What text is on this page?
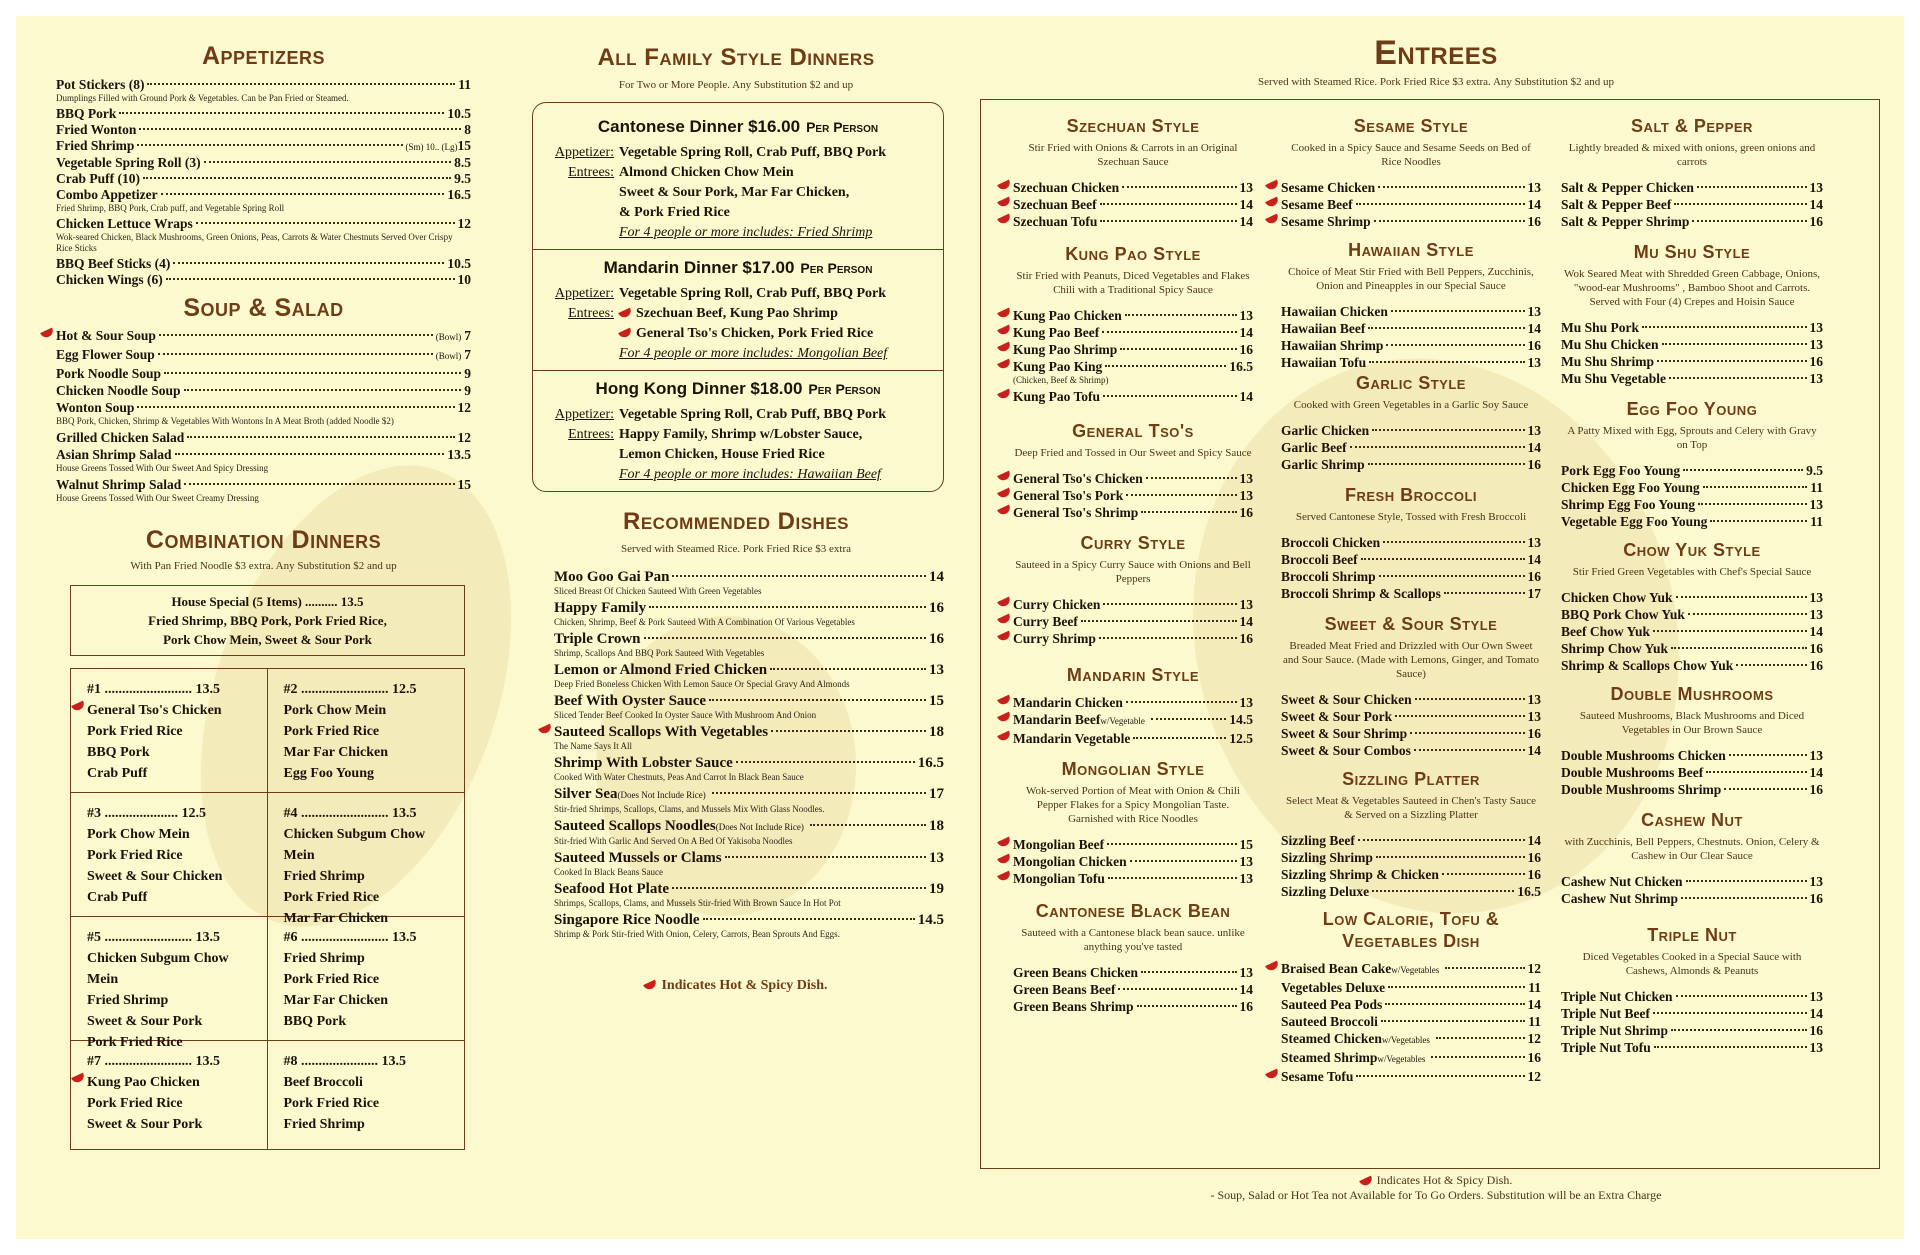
Appetizers
Pot Stickers (8)	11
Dumplings Filled with Ground Pork & Vegetables. Can be Pan Fried or Steamed.
BBQ Pork	10.5
Fried Wonton	8
Fried Shrimp	(Sm) 10.. (Lg) 15
Vegetable Spring Roll (3)	8.5
Crab Puff (10)	9.5
Combo Appetizer	16.5
Fried Shrimp, BBQ Pork, Crab puff, and Vegetable Spring Roll
Chicken Lettuce Wraps	12
Wok-seared Chicken, Black Mushrooms, Green Onions, Peas, Carrots & Water Chestnuts Served Over Crispy Rice Sticks
BBQ Beef Sticks (4)	10.5
Chicken Wings (6)	10
Soup & Salad
Hot & Sour Soup	(Bowl) 7
Egg Flower Soup	(Bowl) 7
Pork Noodle Soup	9
Chicken Noodle Soup	9
Wonton Soup	12
BBQ Pork, Chicken, Shrimp & Vegetables With Wontons In A Meat Broth (added Noodle $2)
Grilled Chicken Salad	12
Asian Shrimp Salad	13.5
House Greens Tossed With Our Sweet And Spicy Dressing
Walnut Shrimp Salad	15
House Greens Tossed With Our Sweet Creamy Dressing
Combination Dinners
With Pan Fried Noodle $3 extra. Any Substitution $2 and up
House Special (5 Items) .......... 13.5
Fried Shrimp, BBQ Pork, Pork Fried Rice,
Pork Chow Mein, Sweet & Sour Pork
#1 ......................... 13.5
General Tso's Chicken
Pork Fried Rice
BBQ Pork
Crab Puff
#2 ......................... 12.5
Pork Chow Mein
Pork Fried Rice
Mar Far Chicken
Egg Foo Young
#3 ..................... 12.5
Pork Chow Mein
Pork Fried Rice
Sweet & Sour Chicken
Crab Puff
#4 ......................... 13.5
Chicken Subgum Chow Mein
Fried Shrimp
Pork Fried Rice
Mar Far Chicken
#5 ......................... 13.5
Chicken Subgum Chow Mein
Fried Shrimp
Sweet & Sour Pork
Pork Fried Rice
#6 ......................... 13.5
Fried Shrimp
Pork Fried Rice
Mar Far Chicken
BBQ Pork
#7 ......................... 13.5
Kung Pao Chicken
Pork Fried Rice
Sweet & Sour Pork
#8 ...................... 13.5
Beef Broccoli
Pork Fried Rice
Fried Shrimp
All Family Style Dinners
For Two or More People. Any Substitution $2 and up
Cantonese Dinner $16.00 Per Person
Appetizer: Vegetable Spring Roll, Crab Puff, BBQ Pork
Entrees: Almond Chicken Chow Mein
Sweet & Sour Pork, Mar Far Chicken,
& Pork Fried Rice
For 4 people or more includes: Fried Shrimp
Mandarin Dinner $17.00 Per Person
Appetizer: Vegetable Spring Roll, Crab Puff, BBQ Pork
Entrees:	Szechuan Beef, Kung Pao Shrimp
General Tso's Chicken, Pork Fried Rice
For 4 people or more includes: Mongolian Beef
Hong Kong Dinner $18.00 Per Person
Appetizer: Vegetable Spring Roll, Crab Puff, BBQ Pork
Entrees: Happy Family, Shrimp w/Lobster Sauce,
Lemon Chicken, House Fried Rice
For 4 people or more includes: Hawaiian Beef
Recommended Dishes
Served with Steamed Rice. Pork Fried Rice $3 extra
Moo Goo Gai Pan	14
Sliced Breast Of Chicken Sauteed With Green Vegetables
Happy Family	16
Chicken, Shrimp, Beef & Pork Sauteed With A Combination Of Various Vegetables
Triple Crown	16
Shrimp, Scallops And BBQ Pork Sauteed With Vegetables
Lemon or Almond Fried Chicken	13
Deep Fried Boneless Chicken With Lemon Sauce Or Special Gravy And Almonds
Beef With Oyster Sauce	15
Sliced Tender Beef Cooked In Oyster Sauce With Mushroom And Onion
Sauteed Scallops With Vegetables	18
The Name Says It All
Shrimp With Lobster Sauce	16.5
Cooked With Water Chestnuts, Peas And Carrot In Black Bean Sauce
Silver Sea (Does Not Include Rice)	17
Stir-fried Shrimps, Scallops, Clams, and Mussels Mix With Glass Noodles.
Sauteed Scallops Noodles (Does Not Include Rice)	18
Stir-fried With Garlic And Served On A Bed Of Yakisoba Noodles
Sauteed Mussels or Clams	13
Cooked In Black Beans Sauce
Seafood Hot Plate	19
Shrimps, Scallops, Clams, and Mussels Stir-fried With Brown Sauce In Hot Pot
Singapore Rice Noodle	14.5
Shrimp & Pork Stir-fried With Onion, Celery, Carrots, Bean Sprouts And Eggs.
Indicates Hot & Spicy Dish.
Entrees
Served with Steamed Rice. Pork Fried Rice $3 extra. Any Substitution $2 and up
Szechuan Style
Stir Fried with Onions & Carrots in an Original Szechuan Sauce
Szechuan Chicken	13
Szechuan Beef	14
Szechuan Tofu	14
Kung Pao Style
Stir Fried with Peanuts, Diced Vegetables and Flakes Chili with a Traditional Spicy Sauce
Kung Pao Chicken	13
Kung Pao Beef	14
Kung Pao Shrimp	16
Kung Pao King	16.5
(Chicken, Beef & Shrimp)
Kung Pao Tofu	14
General Tso's
Deep Fried and Tossed in Our Sweet and Spicy Sauce
General Tso's Chicken	13
General Tso's Pork	13
General Tso's Shrimp	16
Curry Style
Sauteed in a Spicy Curry Sauce with Onions and Bell Peppers
Curry Chicken	13
Curry Beef	14
Curry Shrimp	16
Mandarin Style
Mandarin Chicken	13
Mandarin Beef w/Vegetable	14.5
Mandarin Vegetable	12.5
Mongolian Style
Wok-served Portion of Meat with Onion & Chili Pepper Flakes for a Spicy Mongolian Taste. Garnished with Rice Noodles
Mongolian Beef	15
Mongolian Chicken	13
Mongolian Tofu	13
Cantonese Black Bean
Sauteed with a Cantonese black bean sauce. unlike anything you've tasted
Green Beans Chicken	13
Green Beans Beef	14
Green Beans Shrimp	16
Sesame Style
Cooked in a Spicy Sauce and Sesame Seeds on Bed of Rice Noodles
Sesame Chicken	13
Sesame Beef	14
Sesame Shrimp	16
Hawaiian Style
Choice of Meat Stir Fried with Bell Peppers, Zucchinis, Onion and Pineapples in our Special Sauce
Hawaiian Chicken	13
Hawaiian Beef	14
Hawaiian Shrimp	16
Hawaiian Tofu	13
Garlic Style
Cooked with Green Vegetables in a Garlic Soy Sauce
Garlic Chicken	13
Garlic Beef	14
Garlic Shrimp	16
Fresh Broccoli
Served Cantonese Style, Tossed with Fresh Broccoli
Broccoli Chicken	13
Broccoli Beef	14
Broccoli Shrimp	16
Broccoli Shrimp & Scallops	17
Sweet & Sour Style
Breaded Meat Fried and Drizzled with Our Own Sweet and Sour Sauce. (Made with Lemons, Ginger, and Tomato Sauce)
Sweet & Sour Chicken	13
Sweet & Sour Pork	13
Sweet & Sour Shrimp	16
Sweet & Sour Combos	14
Sizzling Platter
Select Meat & Vegetables Sauteed in Chen's Tasty Sauce & Served on a Sizzling Platter
Sizzling Beef	14
Sizzling Shrimp	16
Sizzling Shrimp & Chicken	16
Sizzling Deluxe	16.5
Low Calorie, Tofu & Vegetables Dish
Braised Bean Cake w/Vegetables	12
Vegetables Deluxe	11
Sauteed Pea Pods	14
Sauteed Broccoli	11
Steamed Chicken w/Vegetables	12
Steamed Shrimp w/Vegetables	16
Sesame Tofu	12
Salt & Pepper
Lightly breaded & mixed with onions, green onions and carrots
Salt & Pepper Chicken	13
Salt & Pepper Beef	14
Salt & Pepper Shrimp	16
Mu Shu Style
Wok Seared Meat with Shredded Green Cabbage, Onions, "wood-ear Mushrooms" , Bamboo Shoot and Carrots. Served with Four (4) Crepes and Hoisin Sauce
Mu Shu Pork	13
Mu Shu Chicken	13
Mu Shu Shrimp	16
Mu Shu Vegetable	13
Egg Foo Young
A Patty Mixed with Egg, Sprouts and Celery with Gravy on Top
Pork Egg Foo Young	9.5
Chicken Egg Foo Young	11
Shrimp Egg Foo Young	13
Vegetable Egg Foo Young	11
Chow Yuk Style
Stir Fried Green Vegetables with Chef's Special Sauce
Chicken Chow Yuk	13
BBQ Pork Chow Yuk	13
Beef Chow Yuk	14
Shrimp Chow Yuk	16
Shrimp & Scallops Chow Yuk	16
Double Mushrooms
Sauteed Mushrooms, Black Mushrooms and Diced Vegetables in Our Brown Sauce
Double Mushrooms Chicken	13
Double Mushrooms Beef	14
Double Mushrooms Shrimp	16
Cashew Nut
with Zucchinis, Bell Peppers, Chestnuts. Onion, Celery & Cashew in Our Clear Sauce
Cashew Nut Chicken	13
Cashew Nut Shrimp	16
Triple Nut
Diced Vegetables Cooked in a Special Sauce with Cashews, Almonds & Peanuts
Triple Nut Chicken	13
Triple Nut Beef	14
Triple Nut Shrimp	16
Triple Nut Tofu	13
Indicates Hot & Spicy Dish.
- Soup, Salad or Hot Tea not Available for To Go Orders. Substitution will be an Extra Charge
